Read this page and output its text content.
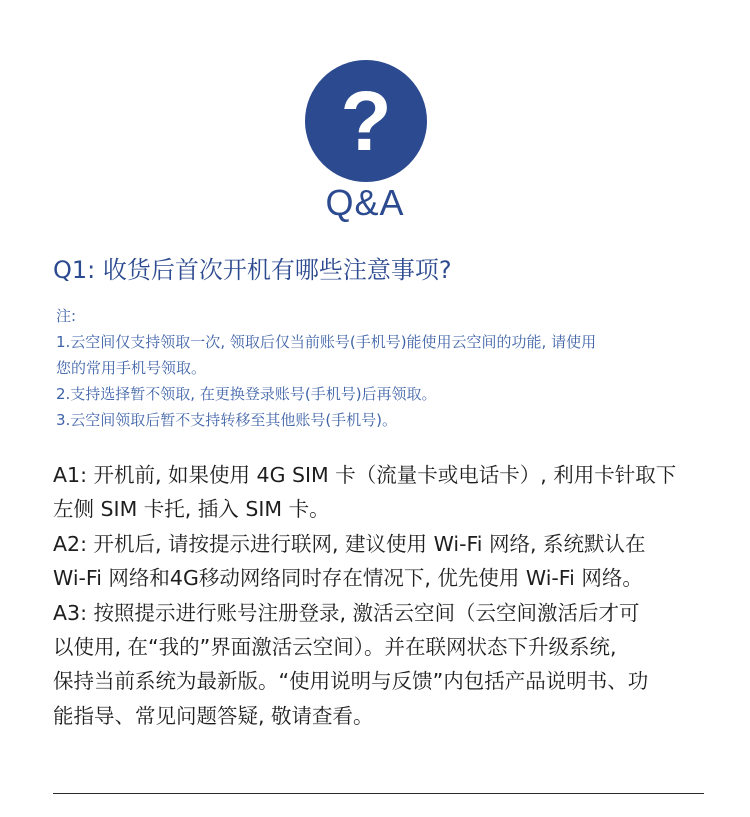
?
Q&A
Q1: 收货后首次开机有哪些注意事项?

注:

1.云空间仅支持领取一次, 领取后仅当前账号(手机号)能使用云空间的功能, 请使用

您的常用手机号领取。

2.支持选择暂不领取, 在更换登录账号(手机号)后再领取。

3.云空间领取后暂不支持转移至其他账号(手机号)。

A1: 开机前, 如果使用 4G SIM 卡（流量卡或电话卡）, 利用卡针取下

左侧 SIM 卡托, 插入 SIM 卡。

A2: 开机后, 请按提示进行联网, 建议使用 Wi-Fi 网络, 系统默认在

Wi-Fi 网络和4G移动网络同时存在情况下, 优先使用 Wi-Fi 网络。

A3: 按照提示进行账号注册登录, 激活云空间（云空间激活后才可

以使用, 在“我的”界面激活云空间）。并在联网状态下升级系统,

保持当前系统为最新版。“使用说明与反馈”内包括产品说明书、功

能指导、常见问题答疑, 敬请查看。
